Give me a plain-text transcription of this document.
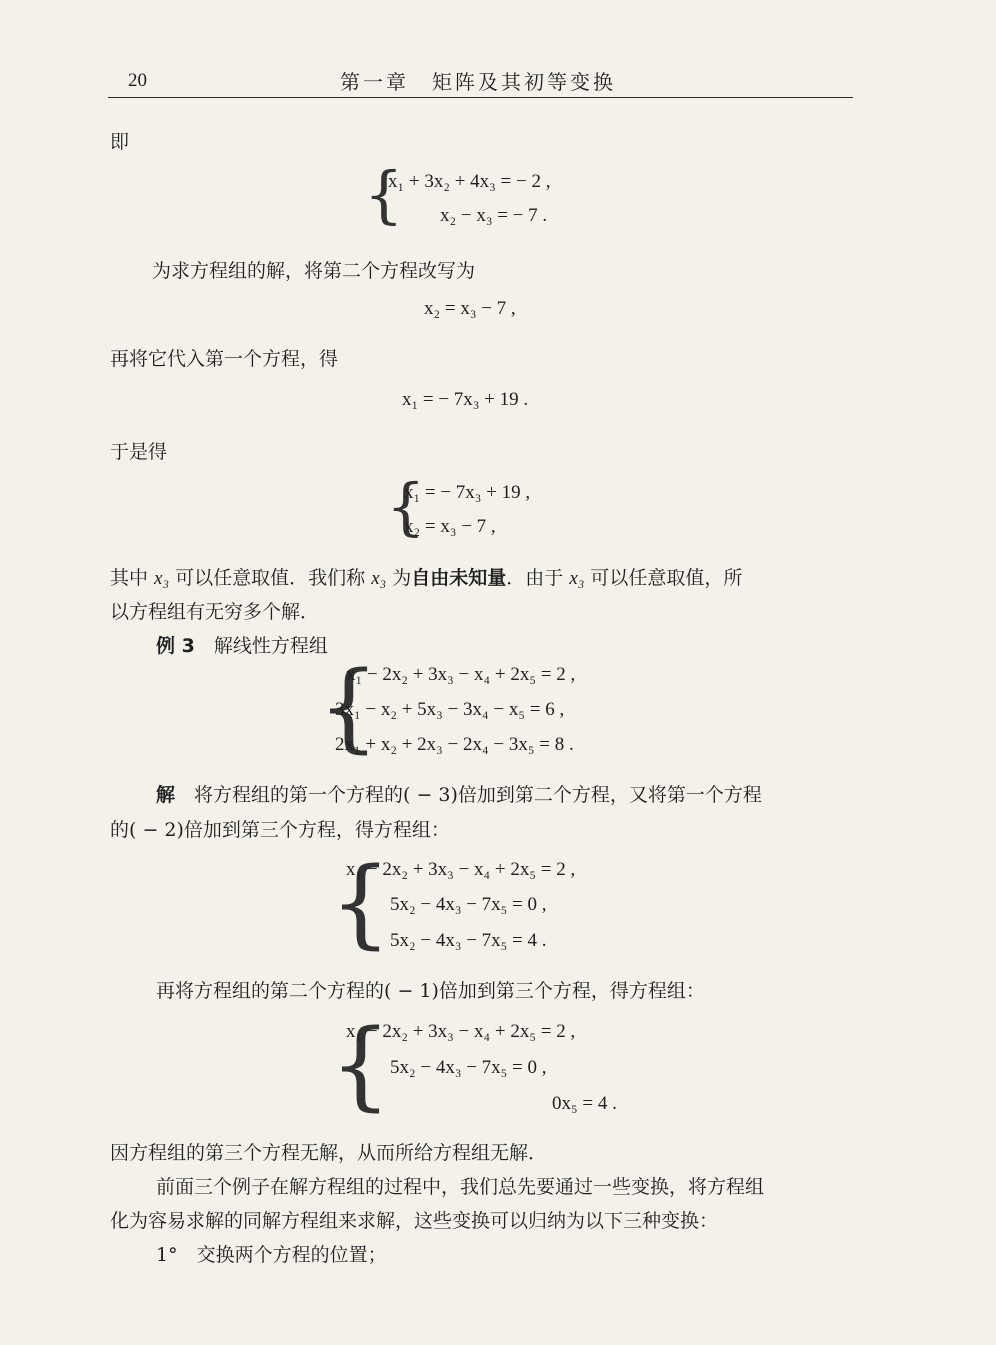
20	第一章　矩阵及其初等变换
即
{
x₁ + 3x₂ + 4x₃ = − 2 ,
x₂ − x₃ = − 7 .
为求方程组的解，将第二个方程改写为
x₂ = x₃ − 7 ,
再将它代入第一个方程，得
x₁ = − 7x₃ + 19 .
于是得
{
x₁ = − 7x₃ + 19 ,
x₂ = x₃ − 7 ,
其中 x₃ 可以任意取值．我们称 x₃ 为自由未知量．由于 x₃ 可以任意取值，所
以方程组有无穷多个解．
例 3　解线性方程组
{
x₁ − 2x₂ + 3x₃ − x₄ + 2x₅ = 2 ,
3x₁ − x₂ + 5x₃ − 3x₄ − x₅ = 6 ,
2x₁ + x₂ + 2x₃ − 2x₄ − 3x₅ = 8 .
解　将方程组的第一个方程的( − 3)倍加到第二个方程，又将第一个方程
的( − 2)倍加到第三个方程，得方程组：
{
x₁ − 2x₂ + 3x₃ − x₄ + 2x₅ = 2 ,
5x₂ − 4x₃ − 7x₅ = 0 ,
5x₂ − 4x₃ − 7x₅ = 4 .
再将方程组的第二个方程的( − 1)倍加到第三个方程，得方程组：
{
x₁ − 2x₂ + 3x₃ − x₄ + 2x₅ = 2 ,
5x₂ − 4x₃ − 7x₅ = 0 ,
0x₅ = 4 .
因方程组的第三个方程无解，从而所给方程组无解．
前面三个例子在解方程组的过程中，我们总先要通过一些变换，将方程组
化为容易求解的同解方程组来求解，这些变换可以归纳为以下三种变换：
1°　交换两个方程的位置；
